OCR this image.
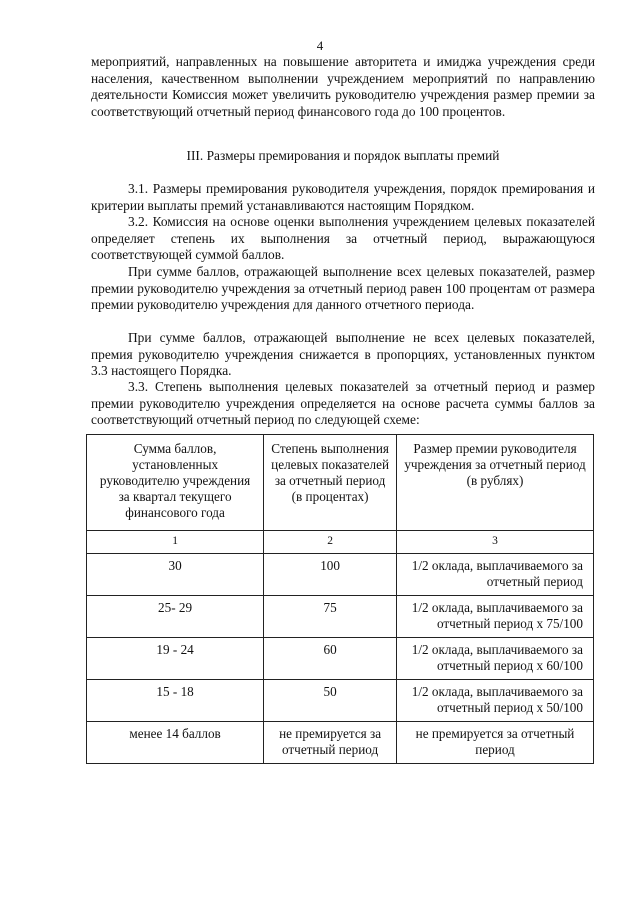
4

мероприятий, направленных на повышение авторитета и имиджа учреждения среди населения, качественном выполнении учреждением мероприятий по направлению деятельности Комиссия может увеличить руководителю учреждения размер премии за соответствующий отчетный период финансового года до 100 процентов.

III. Размеры премирования и порядок выплаты премий

3.1. Размеры премирования руководителя учреждения, порядок премирования и критерии выплаты премий устанавливаются настоящим Порядком.

3.2. Комиссия на основе оценки выполнения учреждением целевых показателей определяет степень их выполнения за отчетный период, выражающуюся соответствующей суммой баллов.

При сумме баллов, отражающей выполнение всех целевых показателей, размер премии руководителю учреждения за отчетный период равен 100 процентам от размера премии руководителю учреждения для данного отчетного периода.

При сумме баллов, отражающей выполнение не всех целевых показателей, премия руководителю учреждения снижается в пропорциях, установленных пунктом 3.3 настоящего Порядка.

3.3. Степень выполнения целевых показателей за отчетный период и размер премии руководителю учреждения определяется на основе расчета суммы баллов за соответствующий отчетный период по следующей схеме:

Сумма баллов, установленных руководителю учреждения за квартал текущего финансового года	Степень выполнения целевых показателей за отчетный период (в процентах)	Размер премии руководителя учреждения за отчетный период (в рублях)
1	2	3
30	100	1/2 оклада, выплачиваемого за отчетный период
25- 29	75	1/2 оклада, выплачиваемого за отчетный период х 75/100
19 - 24	60	1/2 оклада, выплачиваемого за отчетный период х 60/100
15 - 18	50	1/2 оклада, выплачиваемого за отчетный период х 50/100
менее 14 баллов	не премируется за отчетный период	не премируется за отчетный период
